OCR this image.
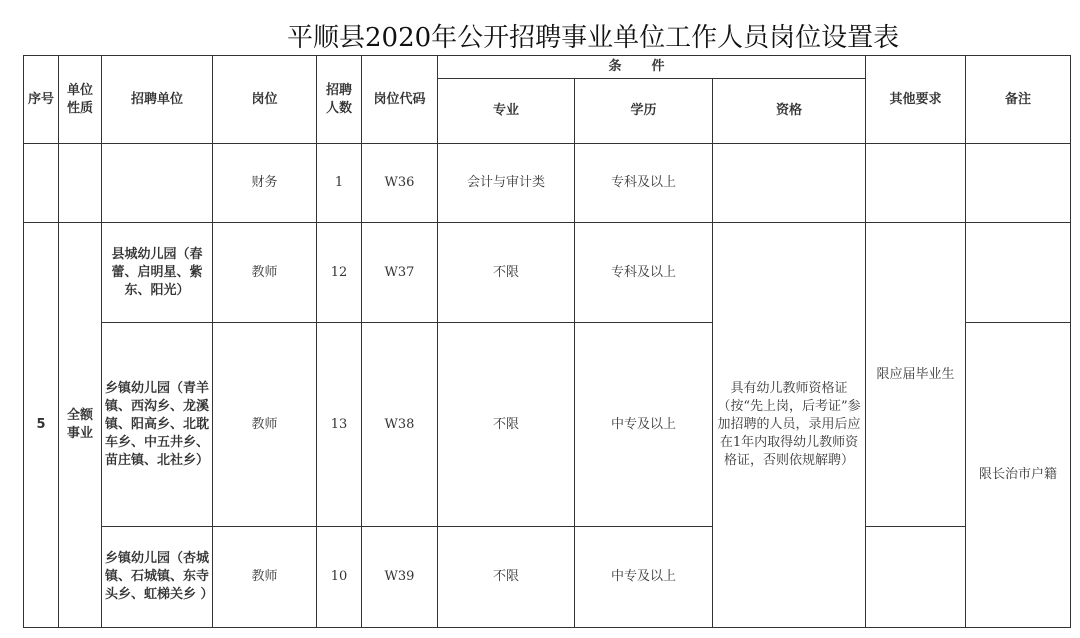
平顺县2020年公开招聘事业单位工作人员岗位设置表
序号	单位性质	招聘单位	岗位	招聘人数	岗位代码	条件			其他要求	备注
						专业	学历	资格		
			财务	1	W36	会计与审计类	专科及以上			
5	全额事业	县城幼儿园（春蕾、启明星、紫东、阳光）	教师	12	W37	不限	专科及以上	具有幼儿教师资格证（按“先上岗，后考证”参加招聘的人员，录用后应在1年内取得幼儿教师资格证，否则依规解聘）	限应届毕业生	
		乡镇幼儿园（青羊镇、西沟乡、龙溪镇、阳高乡、北耽车乡、中五井乡、苗庄镇、北社乡）	教师	13	W38	不限	中专及以上			限长治市户籍
		乡镇幼儿园（杏城镇、石城镇、东寺头乡、虹梯关乡 ）	教师	10	W39	不限	中专及以上			
